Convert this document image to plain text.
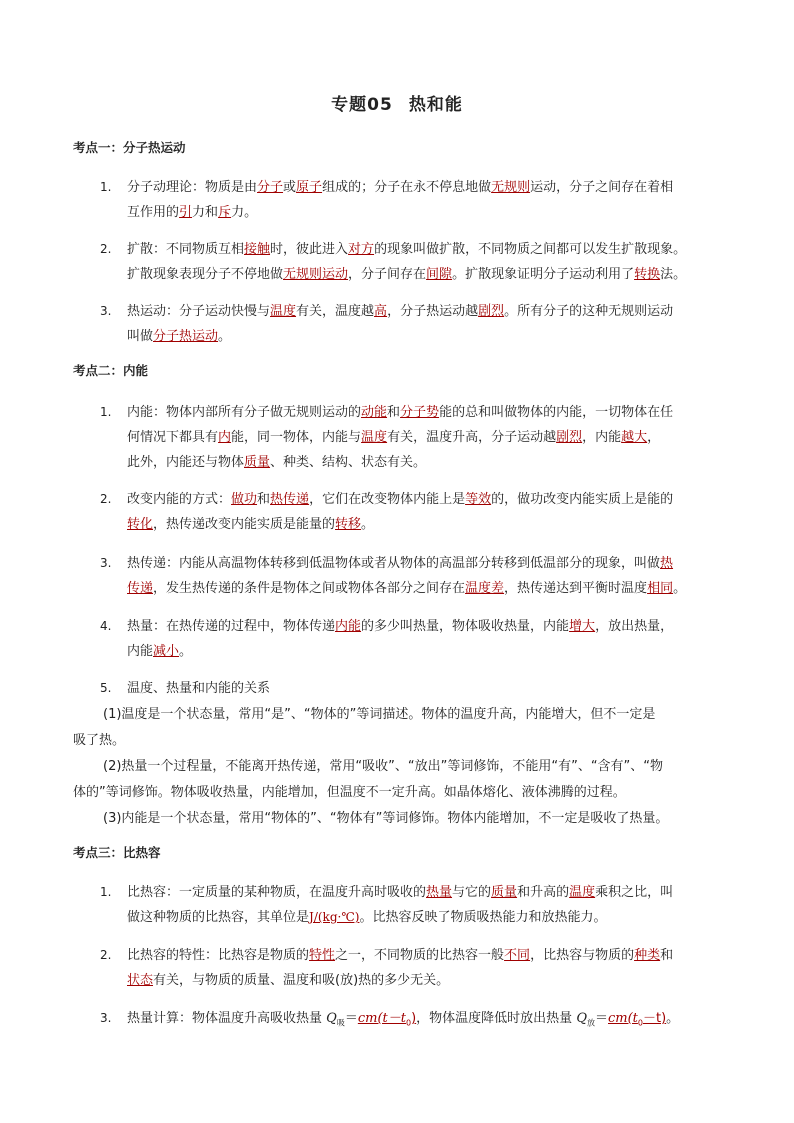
专题05 热和能
考点一：分子热运动
1. 分子动理论：物质是由分子或原子组成的；分子在永不停息地做无规则运动，分子之间存在着相
互作用的引力和斥力。
2. 扩散：不同物质互相接触时，彼此进入对方的现象叫做扩散，不同物质之间都可以发生扩散现象。
扩散现象表现分子不停地做无规则运动，分子间存在间隙。扩散现象证明分子运动利用了转换法。
3. 热运动：分子运动快慢与温度有关，温度越高，分子热运动越剧烈。所有分子的这种无规则运动
叫做分子热运动。
考点二：内能
1. 内能：物体内部所有分子做无规则运动的动能和分子势能的总和叫做物体的内能，一切物体在任
何情况下都具有内能，同一物体，内能与温度有关，温度升高，分子运动越剧烈，内能越大，
此外，内能还与物体质量、种类、结构、状态有关。
2. 改变内能的方式：做功和热传递，它们在改变物体内能上是等效的，做功改变内能实质上是能的
转化，热传递改变内能实质是能量的转移。
3. 热传递：内能从高温物体转移到低温物体或者从物体的高温部分转移到低温部分的现象，叫做热
传递，发生热传递的条件是物体之间或物体各部分之间存在温度差，热传递达到平衡时温度相同。
4. 热量：在热传递的过程中，物体传递内能的多少叫热量，物体吸收热量，内能增大，放出热量，
内能减小。
5. 温度、热量和内能的关系
(1)温度是一个状态量，常用“是”、“物体的”等词描述。物体的温度升高，内能增大，但不一定是
吸了热。
(2)热量一个过程量，不能离开热传递，常用“吸收”、“放出”等词修饰，不能用“有”、“含有”、“物
体的”等词修饰。物体吸收热量，内能增加，但温度不一定升高。如晶体熔化、液体沸腾的过程。
(3)内能是一个状态量，常用“物体的”、“物体有”等词修饰。物体内能增加，不一定是吸收了热量。
考点三：比热容
1. 比热容：一定质量的某种物质，在温度升高时吸收的热量与它的质量和升高的温度乘积之比，叫
做这种物质的比热容，其单位是J/(kg·℃)。比热容反映了物质吸热能力和放热能力。
2. 比热容的特性：比热容是物质的特性之一，不同物质的比热容一般不同，比热容与物质的种类和
状态有关，与物质的质量、温度和吸(放)热的多少无关。
3. 热量计算：物体温度升高吸收热量 $Q_吸=cm(t-t_0)$，物体温度降低时放出热量 $Q_放=cm(t_0-t)$。
